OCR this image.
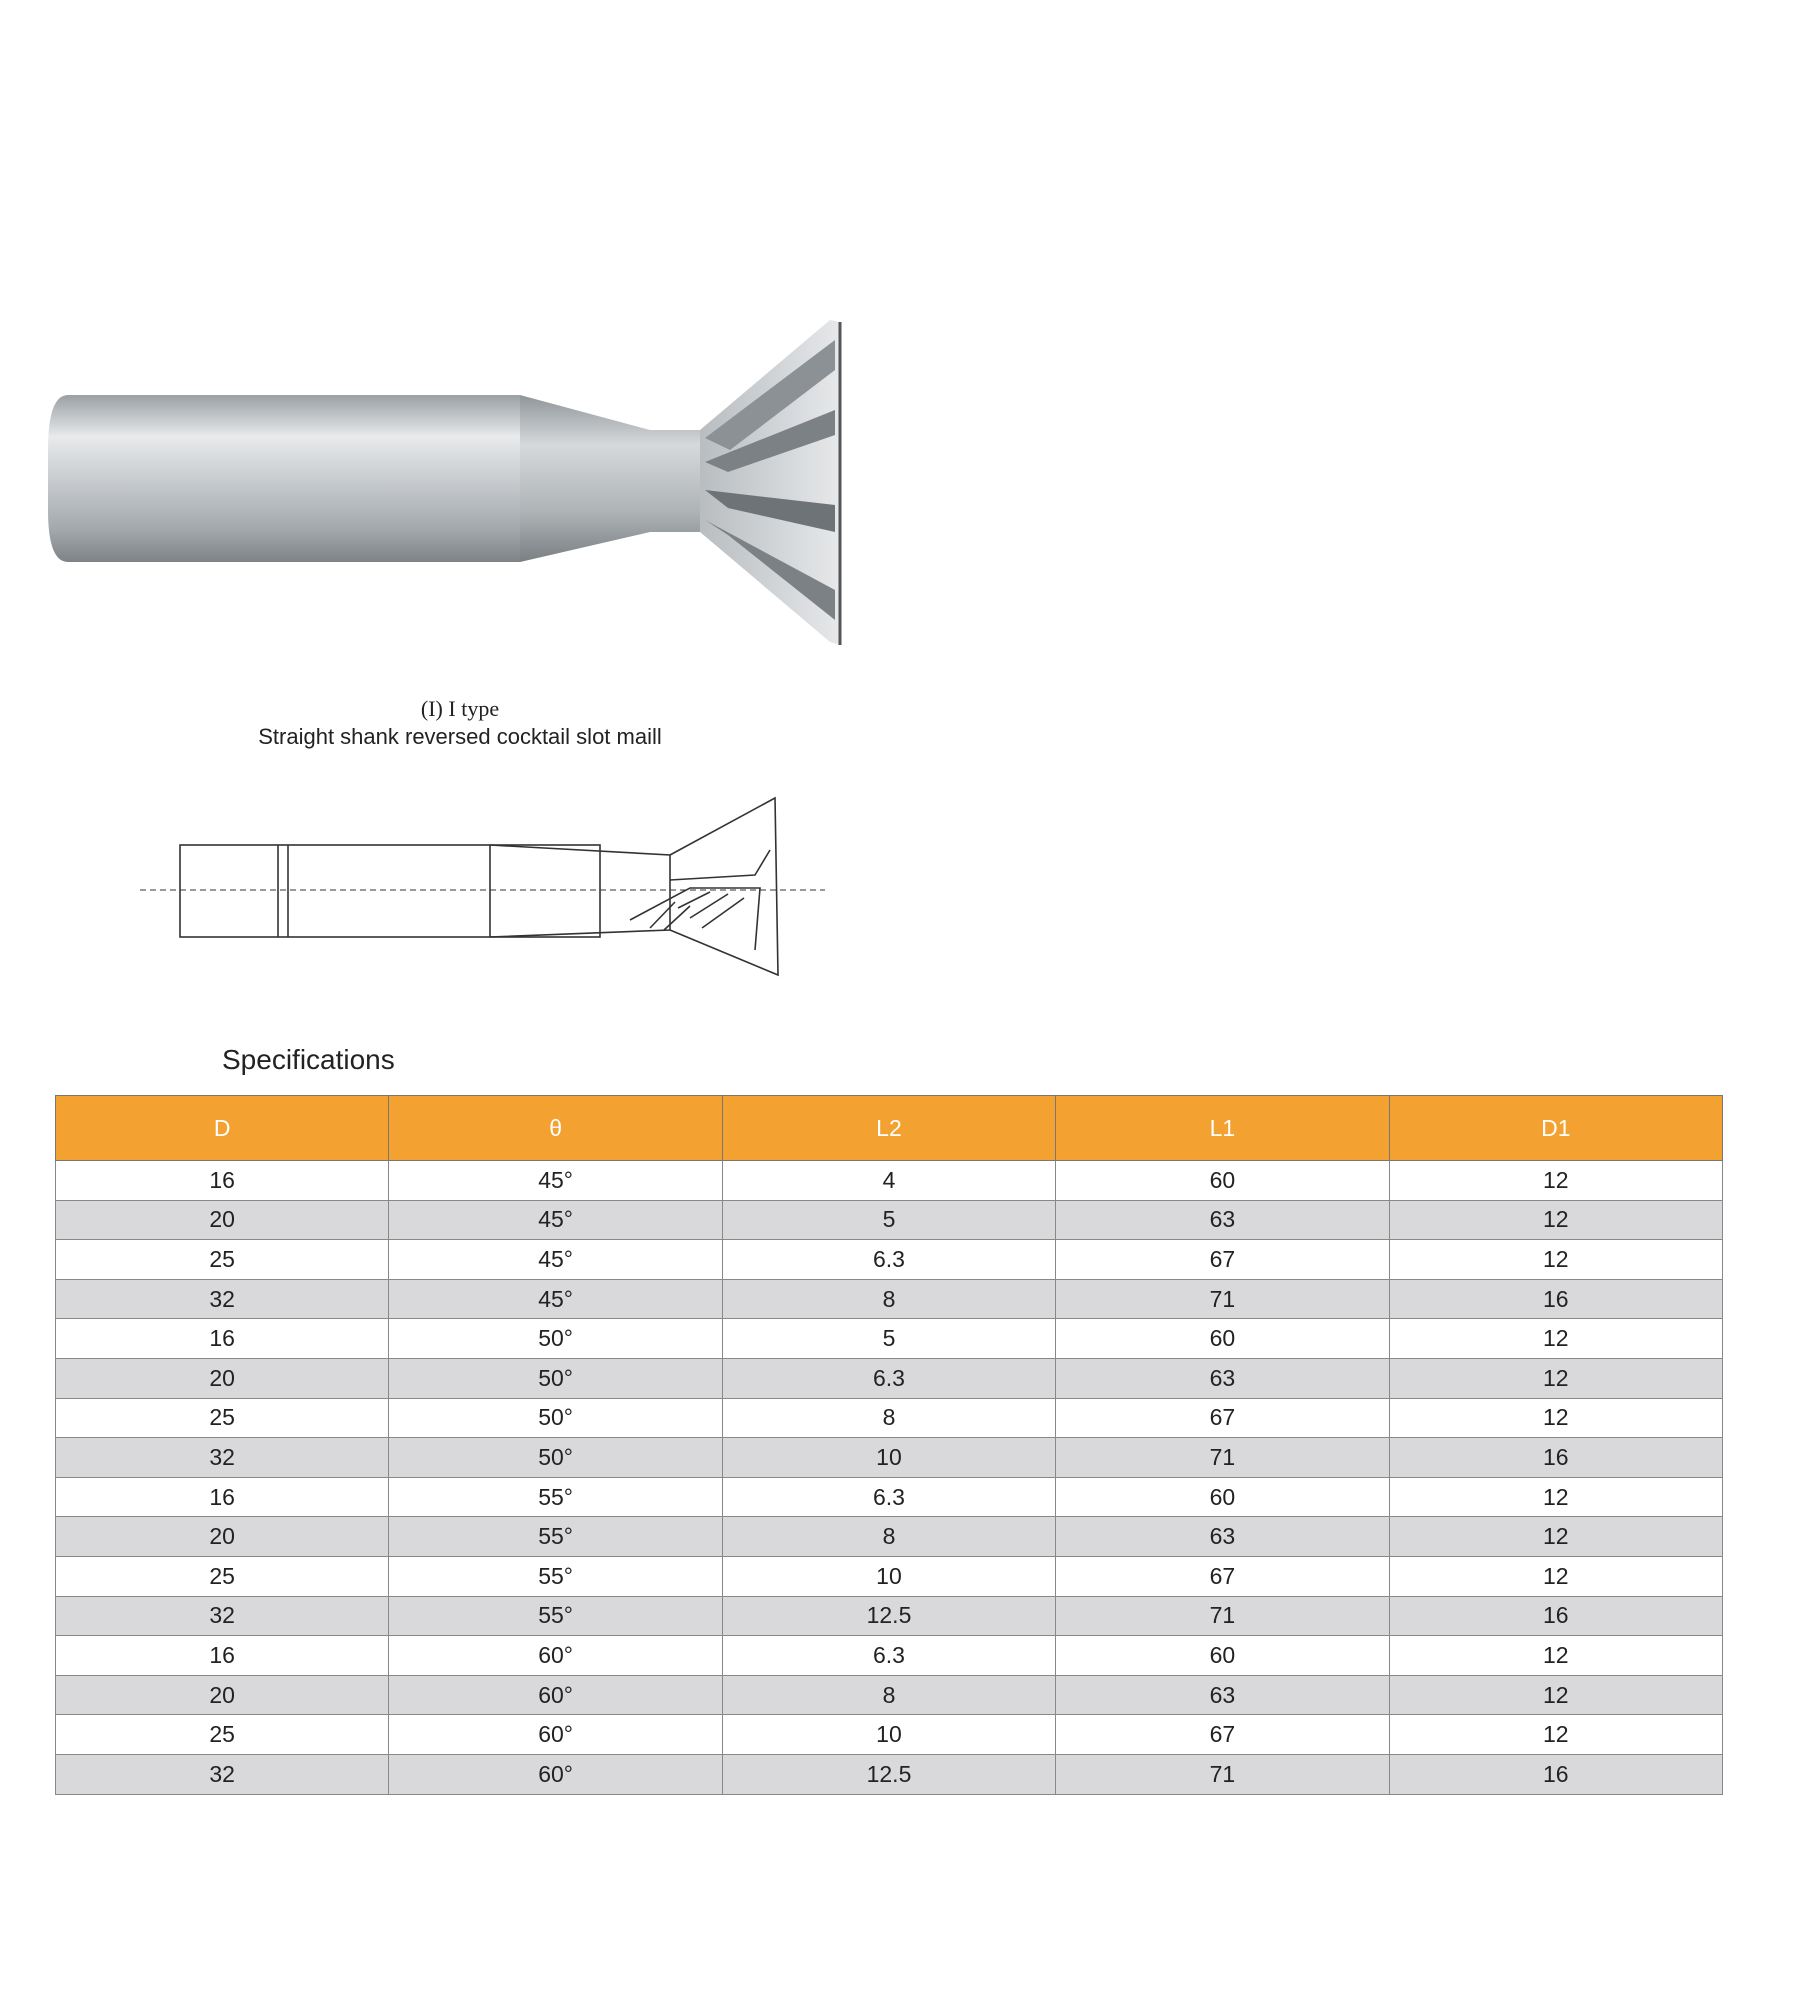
(I) I type
Straight shank reversed cocktail slot maill
Specifications
D	θ	L2	L1	D1
16	45°	4	60	12
20	45°	5	63	12
25	45°	6.3	67	12
32	45°	8	71	16
16	50°	5	60	12
20	50°	6.3	63	12
25	50°	8	67	12
32	50°	10	71	16
16	55°	6.3	60	12
20	55°	8	63	12
25	55°	10	67	12
32	55°	12.5	71	16
16	60°	6.3	60	12
20	60°	8	63	12
25	60°	10	67	12
32	60°	12.5	71	16
